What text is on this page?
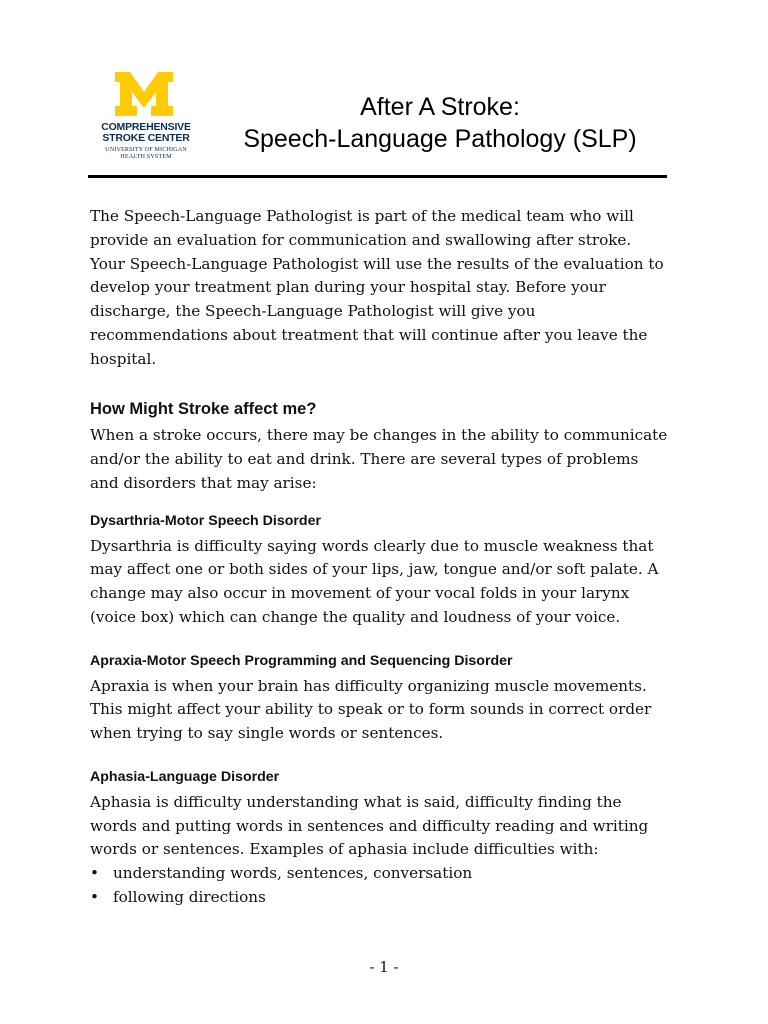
COMPREHENSIVE
STROKE CENTER
UNIVERSITY OF MICHIGAN
HEALTH SYSTEM
After A Stroke:
Speech-Language Pathology (SLP)

The Speech-Language Pathologist is part of the medical team who will provide an evaluation for communication and swallowing after stroke. Your Speech-Language Pathologist will use the results of the evaluation to develop your treatment plan during your hospital stay. Before your discharge, the Speech-Language Pathologist will give you recommendations about treatment that will continue after you leave the hospital.

How Might Stroke affect me?

When a stroke occurs, there may be changes in the ability to communicate and/or the ability to eat and drink. There are several types of problems and disorders that may arise:

Dysarthria-Motor Speech Disorder

Dysarthria is difficulty saying words clearly due to muscle weakness that may affect one or both sides of your lips, jaw, tongue and/or soft palate. A change may also occur in movement of your vocal folds in your larynx (voice box) which can change the quality and loudness of your voice.

Apraxia-Motor Speech Programming and Sequencing Disorder

Apraxia is when your brain has difficulty organizing muscle movements. This might affect your ability to speak or to form sounds in correct order when trying to say single words or sentences.

Aphasia-Language Disorder

Aphasia is difficulty understanding what is said, difficulty finding the words and putting words in sentences and difficulty reading and writing words or sentences. Examples of aphasia include difficulties with:

• understanding words, sentences, conversation
• following directions
- 1 -
